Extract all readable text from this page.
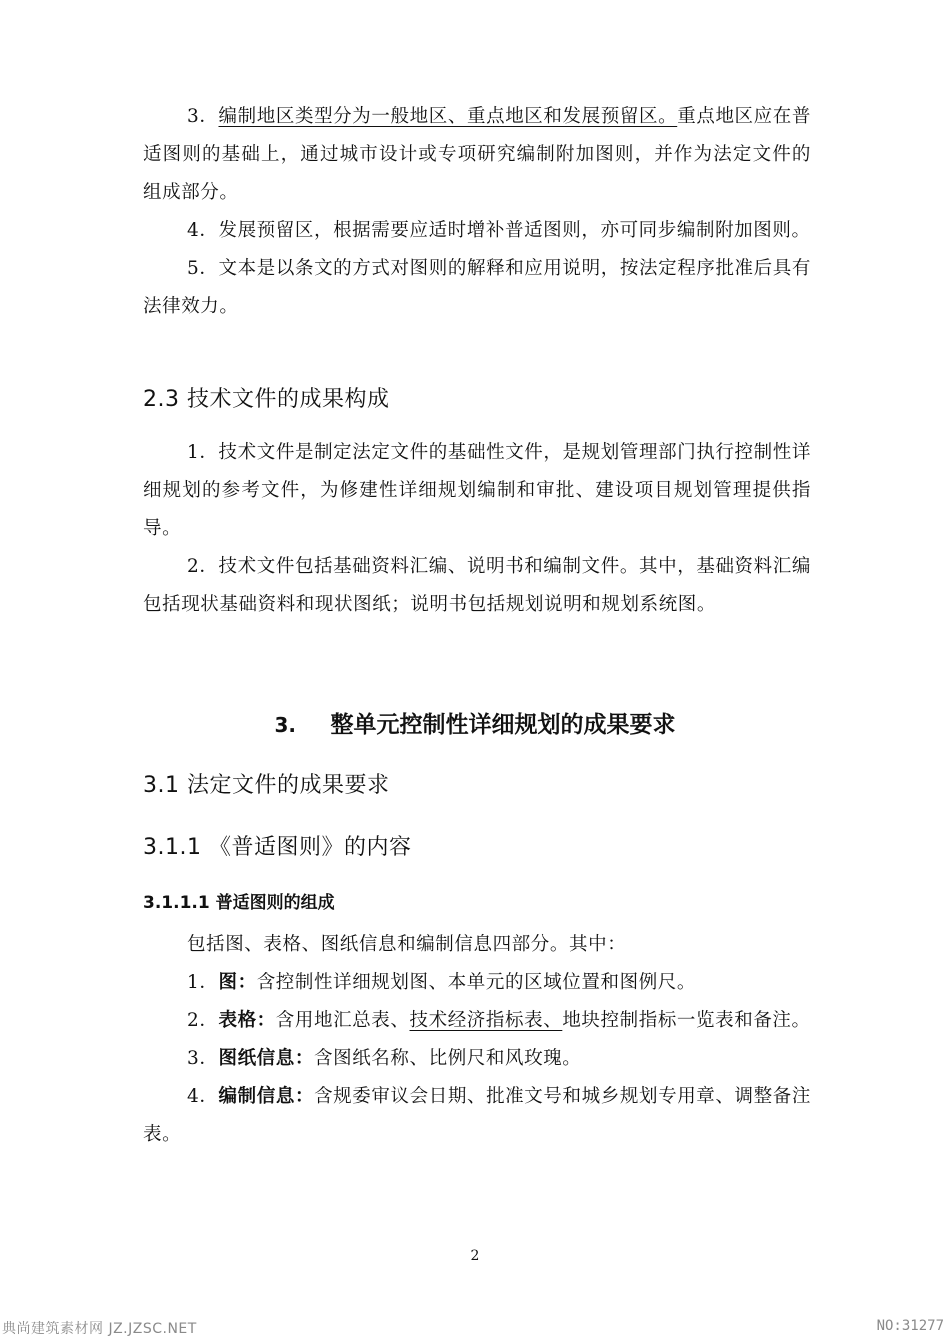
3．编制地区类型分为一般地区、重点地区和发展预留区。重点地区应在普适图则的基础上，通过城市设计或专项研究编制附加图则，并作为法定文件的组成部分。

4．发展预留区，根据需要应适时增补普适图则，亦可同步编制附加图则。

5．文本是以条文的方式对图则的解释和应用说明，按法定程序批准后具有法律效力。

2.3 技术文件的成果构成

1．技术文件是制定法定文件的基础性文件，是规划管理部门执行控制性详细规划的参考文件，为修建性详细规划编制和审批、建设项目规划管理提供指导。

2．技术文件包括基础资料汇编、说明书和编制文件。其中，基础资料汇编包括现状基础资料和现状图纸；说明书包括规划说明和规划系统图。

3. 整单元控制性详细规划的成果要求
3.1 法定文件的成果要求
3.1.1 《普适图则》的内容
3.1.1.1 普适图则的组成

包括图、表格、图纸信息和编制信息四部分。其中：

1．图：含控制性详细规划图、本单元的区域位置和图例尺。

2．表格：含用地汇总表、技术经济指标表、地块控制指标一览表和备注。

3．图纸信息：含图纸名称、比例尺和风玫瑰。

4．编制信息：含规委审议会日期、批准文号和城乡规划专用章、调整备注表。

2
典尚建筑素材网 JZ.JZSC.NET	NO:31277
